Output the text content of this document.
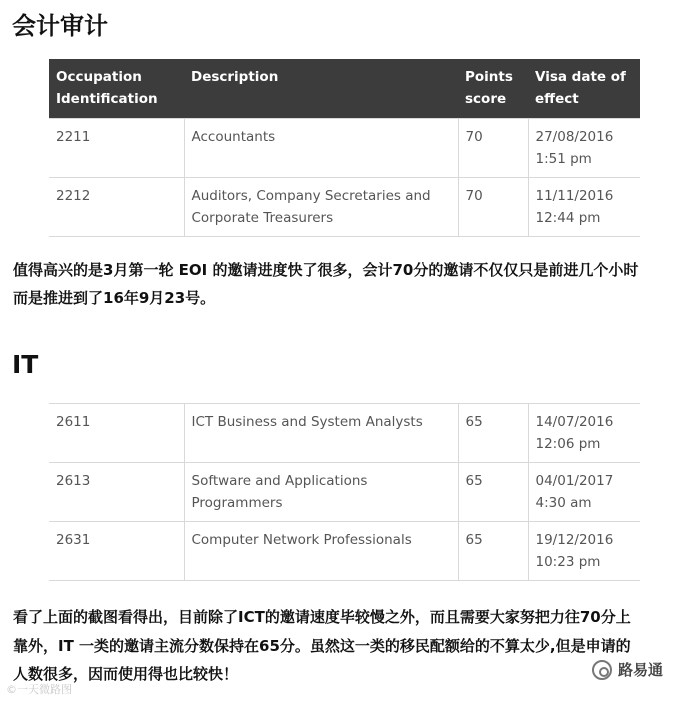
会计审计
Occupation Identification	Description	Points score	Visa date of effect
2211	Accountants	70	27/08/2016
1:51 pm
2212	Auditors, Company Secretaries and Corporate Treasurers	70	11/11/2016
12:44 pm
值得高兴的是3月第一轮 EOI 的邀请进度快了很多，会计70分的邀请不仅仅只是前进几个小时
而是推进到了16年9月23号。
IT
2611	ICT Business and System Analysts	65	14/07/2016
12:06 pm
2613	Software and Applications Programmers	65	04/01/2017
4:30 am
2631	Computer Network Professionals	65	19/12/2016
10:23 pm
看了上面的截图看得出，目前除了ICT的邀请速度毕较慢之外，而且需要大家努把力往70分上
靠外，IT 一类的邀请主流分数保持在65分。虽然这一类的移民配额给的不算太少,但是申请的
人数很多，因而使用得也比较快！
©一天微路图
路易通
